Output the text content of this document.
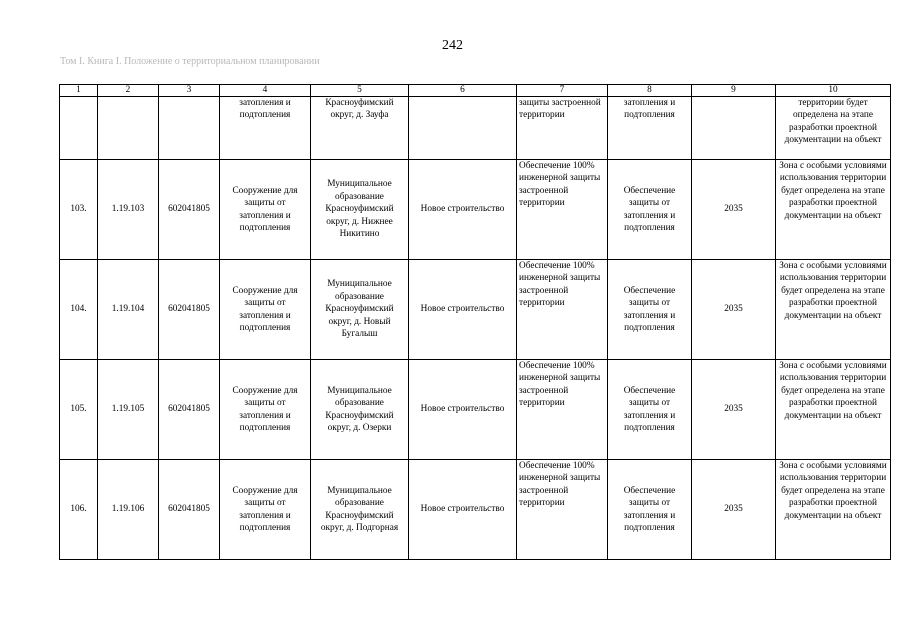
242
Том I. Книга I. Положение о территориальном планировании
1	2	3	4	5	6	7	8	9	10
			затопления и подтопления	Красноуфимский округ, д. Зауфа		защиты застроенной территории	затопления и подтопления		территории будет определена на этапе разработки проектной документации на объект
103.	1.19.103	602041805	Сооружение для защиты от затопления и подтопления	Муниципальное образование Красноуфимский округ, д. Нижнее Никитино	Новое строительство	Обеспечение 100% инженерной защиты застроенной территории	Обеспечение защиты от затопления и подтопления	2035	Зона с особыми условиями использования территории будет определена на этапе разработки проектной документации на объект
104.	1.19.104	602041805	Сооружение для защиты от затопления и подтопления	Муниципальное образование Красноуфимский округ, д. Новый Бугалыш	Новое строительство	Обеспечение 100% инженерной защиты застроенной территории	Обеспечение защиты от затопления и подтопления	2035	Зона с особыми условиями использования территории будет определена на этапе разработки проектной документации на объект
105.	1.19.105	602041805	Сооружение для защиты от затопления и подтопления	Муниципальное образование Красноуфимский округ, д. Озерки	Новое строительство	Обеспечение 100% инженерной защиты застроенной территории	Обеспечение защиты от затопления и подтопления	2035	Зона с особыми условиями использования территории будет определена на этапе разработки проектной документации на объект
106.	1.19.106	602041805	Сооружение для защиты от затопления и подтопления	Муниципальное образование Красноуфимский округ, д. Подгорная	Новое строительство	Обеспечение 100% инженерной защиты застроенной территории	Обеспечение защиты от затопления и подтопления	2035	Зона с особыми условиями использования территории будет определена на этапе разработки проектной документации на объект
